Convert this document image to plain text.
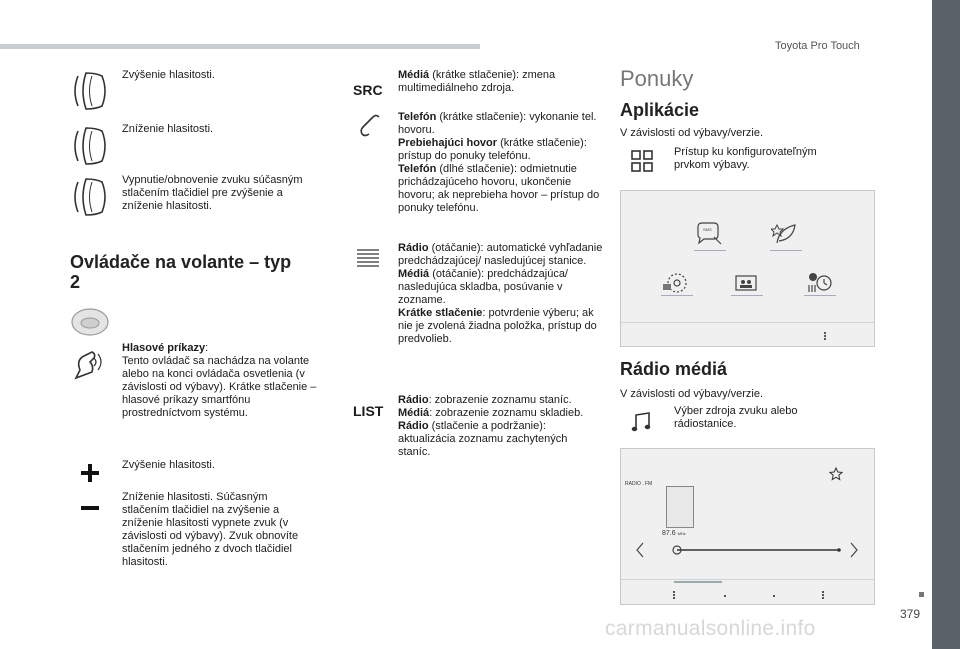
Toyota Pro Touch
379
carmanualsonline.info
Zvýšenie hlasitosti.
Zníženie hlasitosti.
Vypnutie/obnovenie zvuku súčasným stlačením tlačidiel pre zvýšenie a zníženie hlasitosti.
Ovládače na volante – typ 2
Hlasové príkazy:
Tento ovládač sa nachádza na volante alebo na konci ovládača osvetlenia (v závislosti od výbavy). Krátke stlačenie – hlasové príkazy smartfónu prostredníctvom systému.
Zvýšenie hlasitosti.
Zníženie hlasitosti. Súčasným stlačením tlačidiel na zvýšenie a zníženie hlasitosti vypnete zvuk (v závislosti od výbavy). Zvuk obnovíte stlačením jedného z dvoch tlačidiel hlasitosti.
SRC
Médiá (krátke stlačenie): zmena multimediálneho zdroja.
Telefón (krátke stlačenie): vykonanie tel. hovoru.
Prebiehajúci hovor (krátke stlačenie): prístup do ponuky telefónu.
Telefón (dlhé stlačenie): odmietnutie prichádzajúceho hovoru, ukončenie hovoru; ak neprebieha hovor – prístup do ponuky telefónu.
Rádio (otáčanie): automatické vyhľadanie predchádzajúcej/ nasledujúcej stanice.
Médiá (otáčanie): predchádzajúca/ nasledujúca skladba, posúvanie v zozname.
Krátke stlačenie: potvrdenie výberu; ak nie je zvolená žiadna položka, prístup do predvolieb.
LIST
Rádio: zobrazenie zoznamu staníc.
Médiá: zobrazenie zoznamu skladieb.
Rádio (stlačenie a podržanie): aktualizácia zoznamu zachytených staníc.
Ponuky
Aplikácie
V závislosti od výbavy/verzie.
Prístup ku konfigurovateľným prvkom výbavy.
SMS
Rádio médiá
V závislosti od výbavy/verzie.
Výber zdroja zvuku alebo rádiostanice.
RADIO . FM
87.6 MHz
